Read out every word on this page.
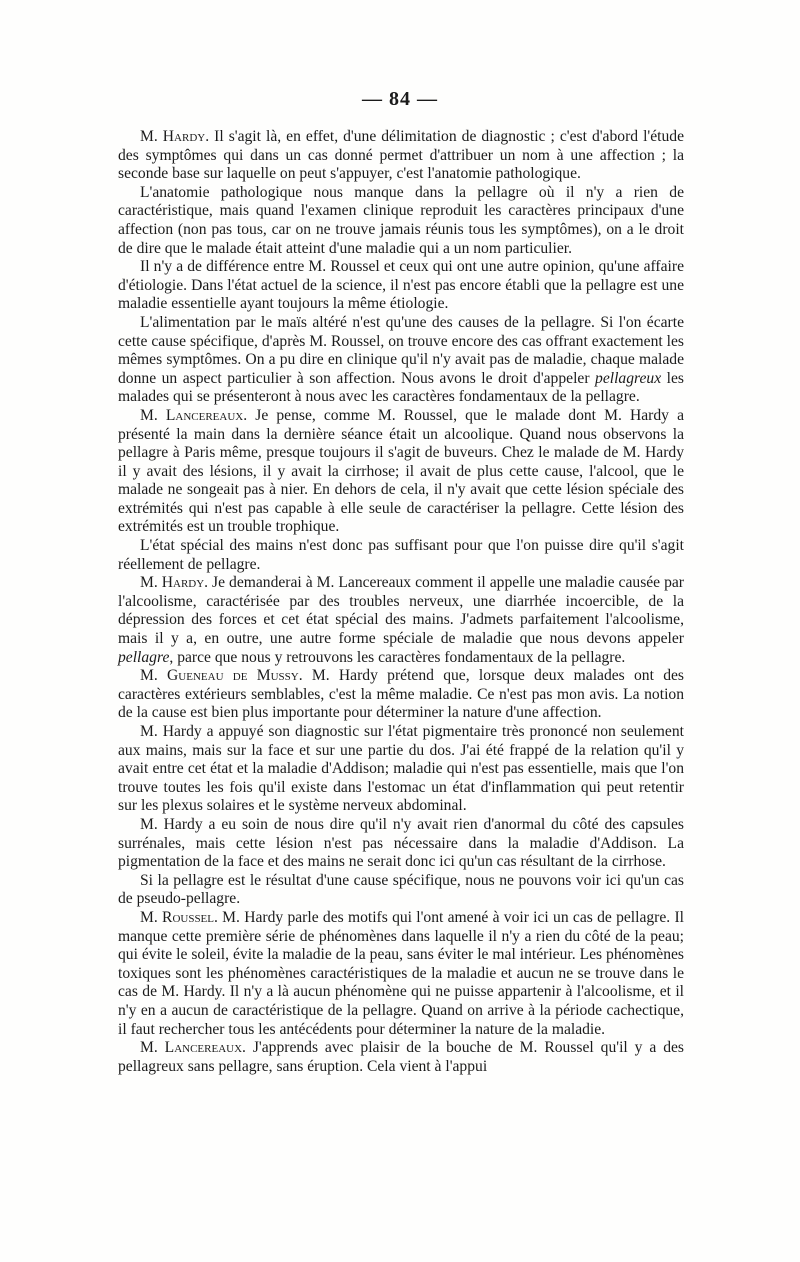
— 84 —

M. Hardy. Il s'agit là, en effet, d'une délimitation de diagnostic ; c'est d'abord l'étude des symptômes qui dans un cas donné permet d'attribuer un nom à une affection ; la seconde base sur laquelle on peut s'appuyer, c'est l'anatomie pathologique.

L'anatomie pathologique nous manque dans la pellagre où il n'y a rien de caractéristique, mais quand l'examen clinique reproduit les caractères principaux d'une affection (non pas tous, car on ne trouve jamais réunis tous les symptômes), on a le droit de dire que le malade était atteint d'une maladie qui a un nom particulier.

Il n'y a de différence entre M. Roussel et ceux qui ont une autre opinion, qu'une affaire d'étiologie. Dans l'état actuel de la science, il n'est pas encore établi que la pellagre est une maladie essentielle ayant toujours la même étiologie.

L'alimentation par le maïs altéré n'est qu'une des causes de la pellagre. Si l'on écarte cette cause spécifique, d'après M. Roussel, on trouve encore des cas offrant exactement les mêmes symptômes. On a pu dire en clinique qu'il n'y avait pas de maladie, chaque malade donne un aspect particulier à son affection. Nous avons le droit d'appeler pellagreux les malades qui se présenteront à nous avec les caractères fondamentaux de la pellagre.

M. Lancereaux. Je pense, comme M. Roussel, que le malade dont M. Hardy a présenté la main dans la dernière séance était un alcoolique. Quand nous observons la pellagre à Paris même, presque toujours il s'agit de buveurs. Chez le malade de M. Hardy il y avait des lésions, il y avait la cirrhose; il avait de plus cette cause, l'alcool, que le malade ne songeait pas à nier. En dehors de cela, il n'y avait que cette lésion spéciale des extrémités qui n'est pas capable à elle seule de caractériser la pellagre. Cette lésion des extrémités est un trouble trophique.

L'état spécial des mains n'est donc pas suffisant pour que l'on puisse dire qu'il s'agit réellement de pellagre.

M. Hardy. Je demanderai à M. Lancereaux comment il appelle une maladie causée par l'alcoolisme, caractérisée par des troubles nerveux, une diarrhée incoercible, de la dépression des forces et cet état spécial des mains. J'admets parfaitement l'alcoolisme, mais il y a, en outre, une autre forme spéciale de maladie que nous devons appeler pellagre, parce que nous y retrouvons les caractères fondamentaux de la pellagre.

M. Gueneau de Mussy. M. Hardy prétend que, lorsque deux malades ont des caractères extérieurs semblables, c'est la même maladie. Ce n'est pas mon avis. La notion de la cause est bien plus importante pour déterminer la nature d'une affection.

M. Hardy a appuyé son diagnostic sur l'état pigmentaire très prononcé non seulement aux mains, mais sur la face et sur une partie du dos. J'ai été frappé de la relation qu'il y avait entre cet état et la maladie d'Addison; maladie qui n'est pas essentielle, mais que l'on trouve toutes les fois qu'il existe dans l'estomac un état d'inflammation qui peut retentir sur les plexus solaires et le système nerveux abdominal.

M. Hardy a eu soin de nous dire qu'il n'y avait rien d'anormal du côté des capsules surrénales, mais cette lésion n'est pas nécessaire dans la maladie d'Addison. La pigmentation de la face et des mains ne serait donc ici qu'un cas résultant de la cirrhose.

Si la pellagre est le résultat d'une cause spécifique, nous ne pouvons voir ici qu'un cas de pseudo-pellagre.

M. Roussel. M. Hardy parle des motifs qui l'ont amené à voir ici un cas de pellagre. Il manque cette première série de phénomènes dans laquelle il n'y a rien du côté de la peau; qui évite le soleil, évite la maladie de la peau, sans éviter le mal intérieur. Les phénomènes toxiques sont les phénomènes caractéristiques de la maladie et aucun ne se trouve dans le cas de M. Hardy. Il n'y a là aucun phénomène qui ne puisse appartenir à l'alcoolisme, et il n'y en a aucun de caractéristique de la pellagre. Quand on arrive à la période cachectique, il faut rechercher tous les antécédents pour déterminer la nature de la maladie.

M. Lancereaux. J'apprends avec plaisir de la bouche de M. Roussel qu'il y a des pellagreux sans pellagre, sans éruption. Cela vient à l'appui
